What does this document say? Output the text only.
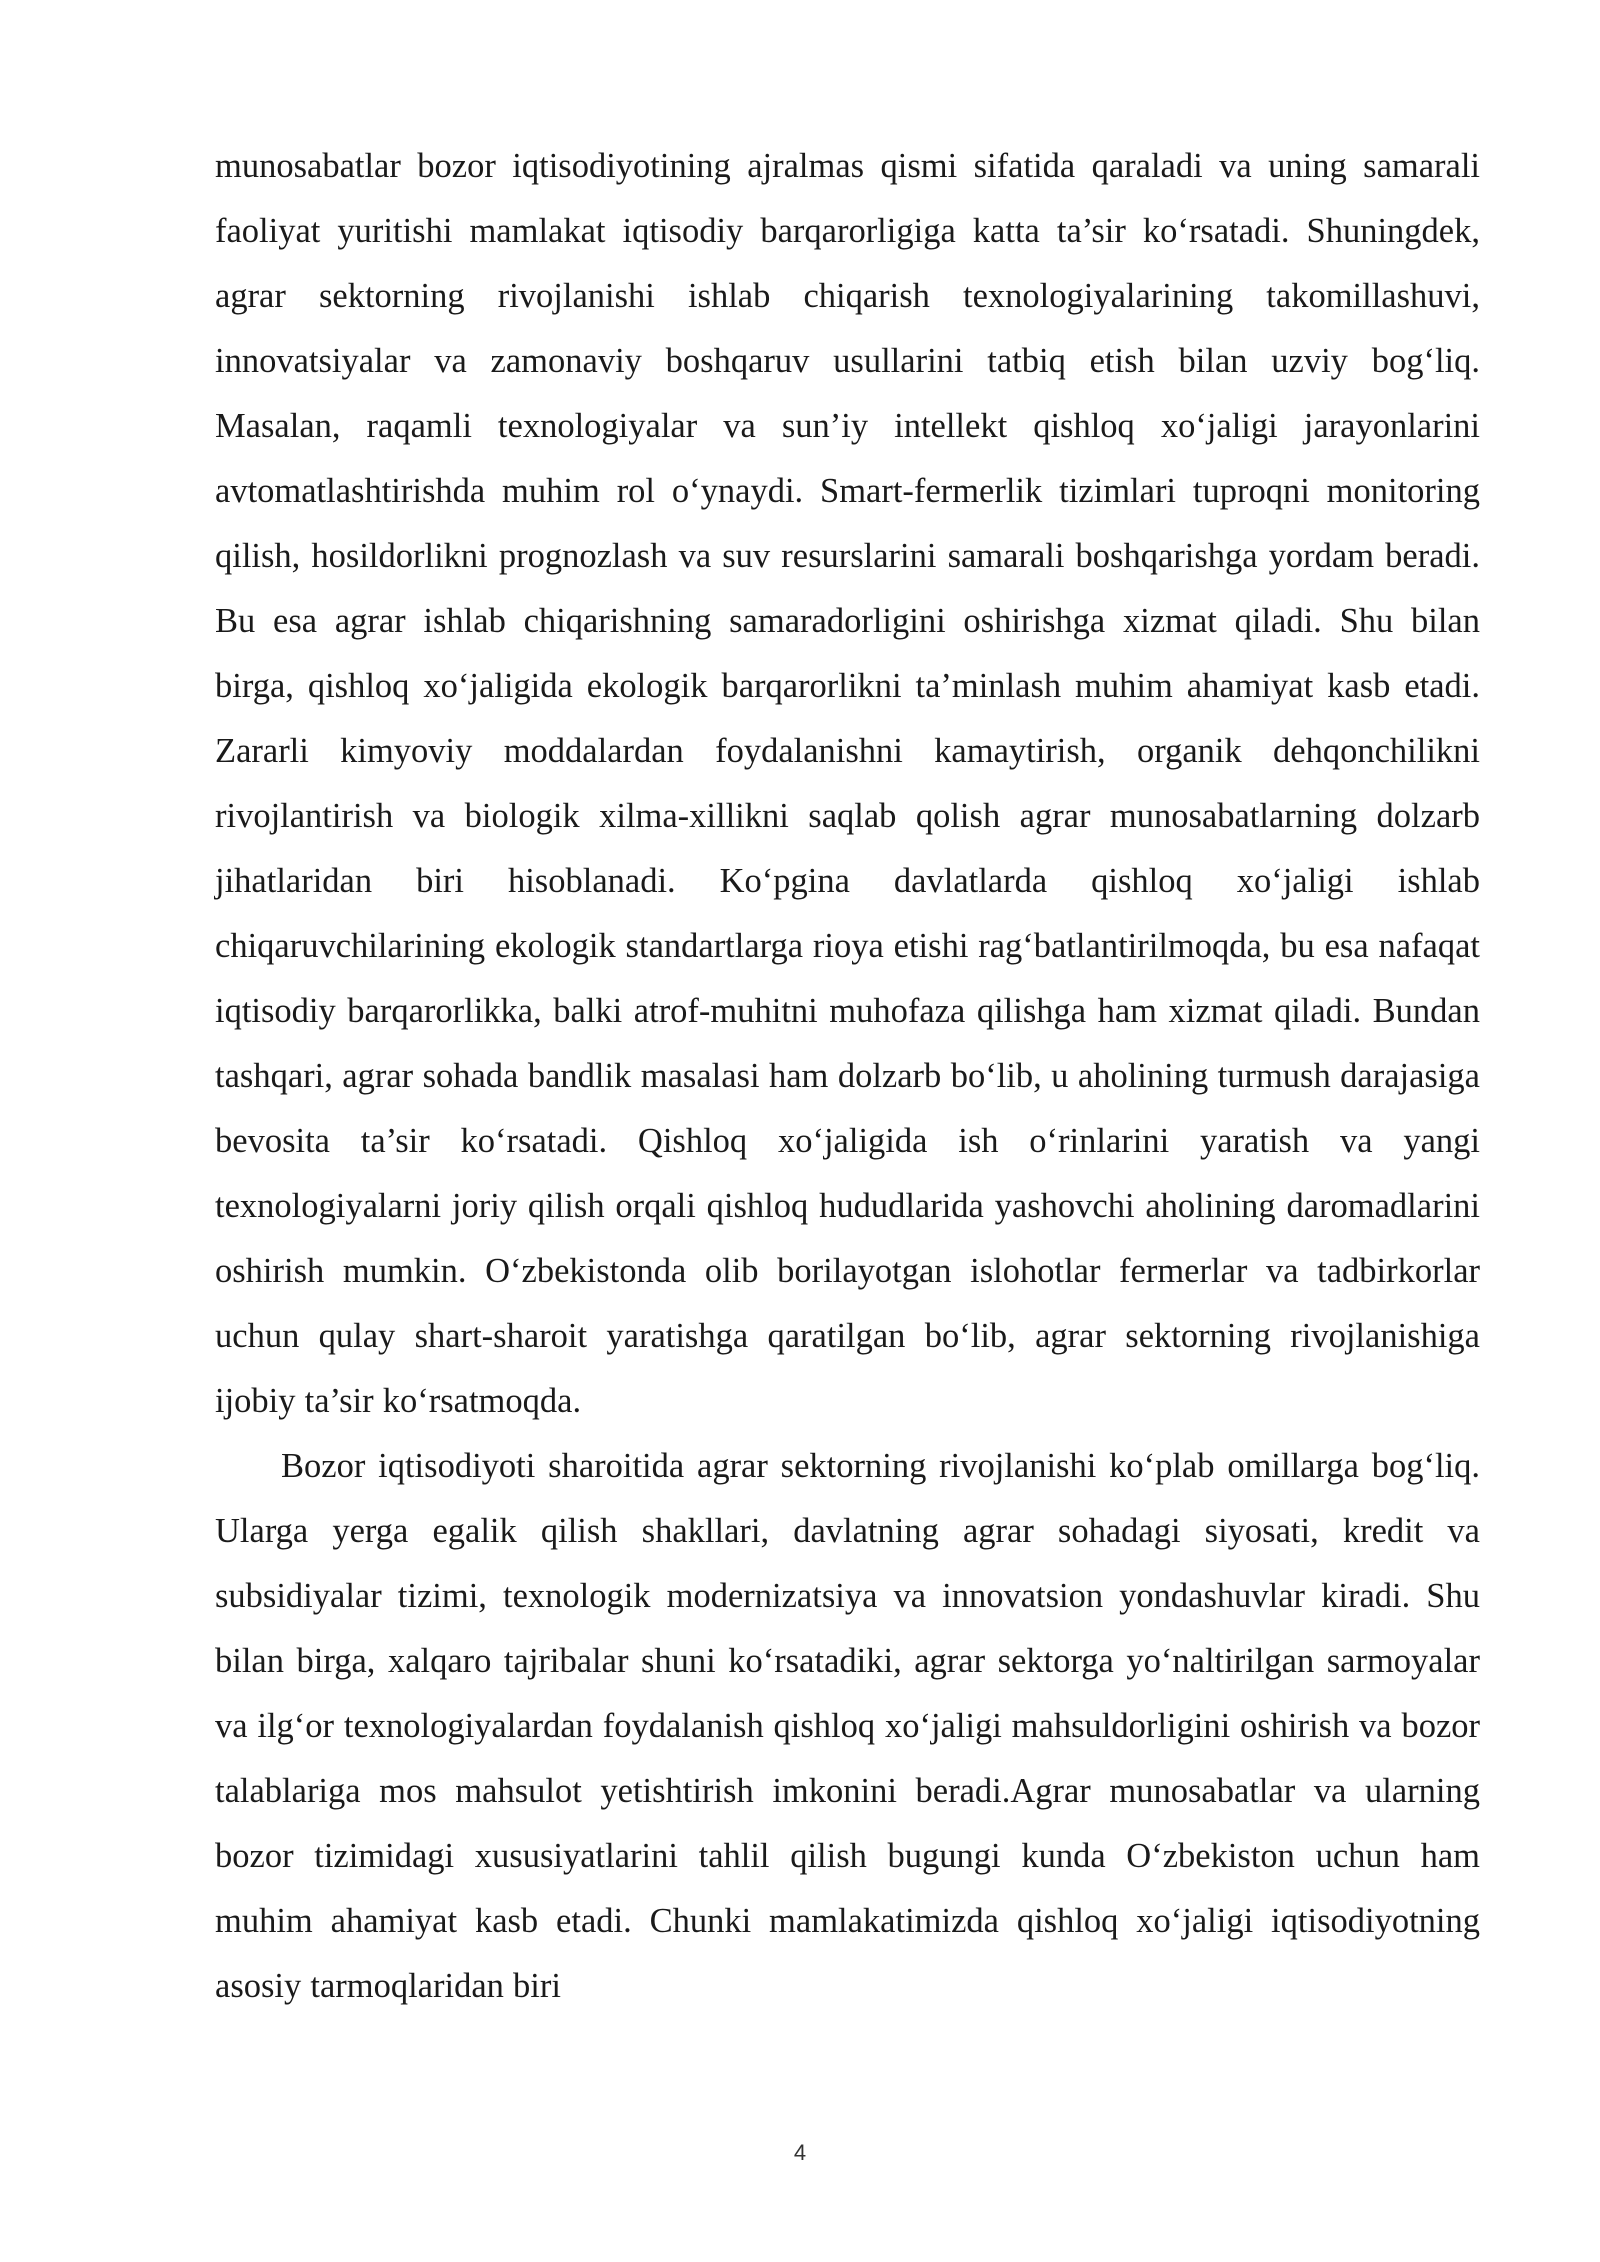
munosabatlar bozor iqtisodiyotining ajralmas qismi sifatida qaraladi va uning samarali faoliyat yuritishi mamlakat iqtisodiy barqarorligiga katta ta’sir ko‘rsatadi. Shuningdek, agrar sektorning rivojlanishi ishlab chiqarish texnologiyalarining takomillashuvi, innovatsiyalar va zamonaviy boshqaruv usullarini tatbiq etish bilan uzviy bog‘liq. Masalan, raqamli texnologiyalar va sun’iy intellekt qishloq xo‘jaligi jarayonlarini avtomatlashtirishda muhim rol o‘ynaydi. Smart-fermerlik tizimlari tuproqni monitoring qilish, hosildorlikni prognozlash va suv resurslarini samarali boshqarishga yordam beradi. Bu esa agrar ishlab chiqarishning samaradorligini oshirishga xizmat qiladi. Shu bilan birga, qishloq xo‘jaligida ekologik barqarorlikni ta’minlash muhim ahamiyat kasb etadi. Zararli kimyoviy moddalardan foydalanishni kamaytirish, organik dehqonchilikni rivojlantirish va biologik xilma-xillikni saqlab qolish agrar munosabatlarning dolzarb jihatlaridan biri hisoblanadi. Ko‘pgina davlatlarda qishloq xo‘jaligi ishlab chiqaruvchilarining ekologik standartlarga rioya etishi rag‘batlantirilmoqda, bu esa nafaqat iqtisodiy barqarorlikka, balki atrof-muhitni muhofaza qilishga ham xizmat qiladi. Bundan tashqari, agrar sohada bandlik masalasi ham dolzarb bo‘lib, u aholining turmush darajasiga bevosita ta’sir ko‘rsatadi. Qishloq xo‘jaligida ish o‘rinlarini yaratish va yangi texnologiyalarni joriy qilish orqali qishloq hududlarida yashovchi aholining daromadlarini oshirish mumkin. O‘zbekistonda olib borilayotgan islohotlar fermerlar va tadbirkorlar uchun qulay shart-sharoit yaratishga qaratilgan bo‘lib, agrar sektorning rivojlanishiga ijobiy ta’sir ko‘rsatmoqda.

Bozor iqtisodiyoti sharoitida agrar sektorning rivojlanishi ko‘plab omillarga bog‘liq. Ularga yerga egalik qilish shakllari, davlatning agrar sohadagi siyosati, kredit va subsidiyalar tizimi, texnologik modernizatsiya va innovatsion yondashuvlar kiradi. Shu bilan birga, xalqaro tajribalar shuni ko‘rsatadiki, agrar sektorga yo‘naltirilgan sarmoyalar va ilg‘or texnologiyalardan foydalanish qishloq xo‘jaligi mahsuldorligini oshirish va bozor talablariga mos mahsulot yetishtirish imkonini beradi.Agrar munosabatlar va ularning bozor tizimidagi xususiyatlarini tahlil qilish bugungi kunda O‘zbekiston uchun ham muhim ahamiyat kasb etadi. Chunki mamlakatimizda qishloq xo‘jaligi iqtisodiyotning asosiy tarmoqlaridan biri

4
